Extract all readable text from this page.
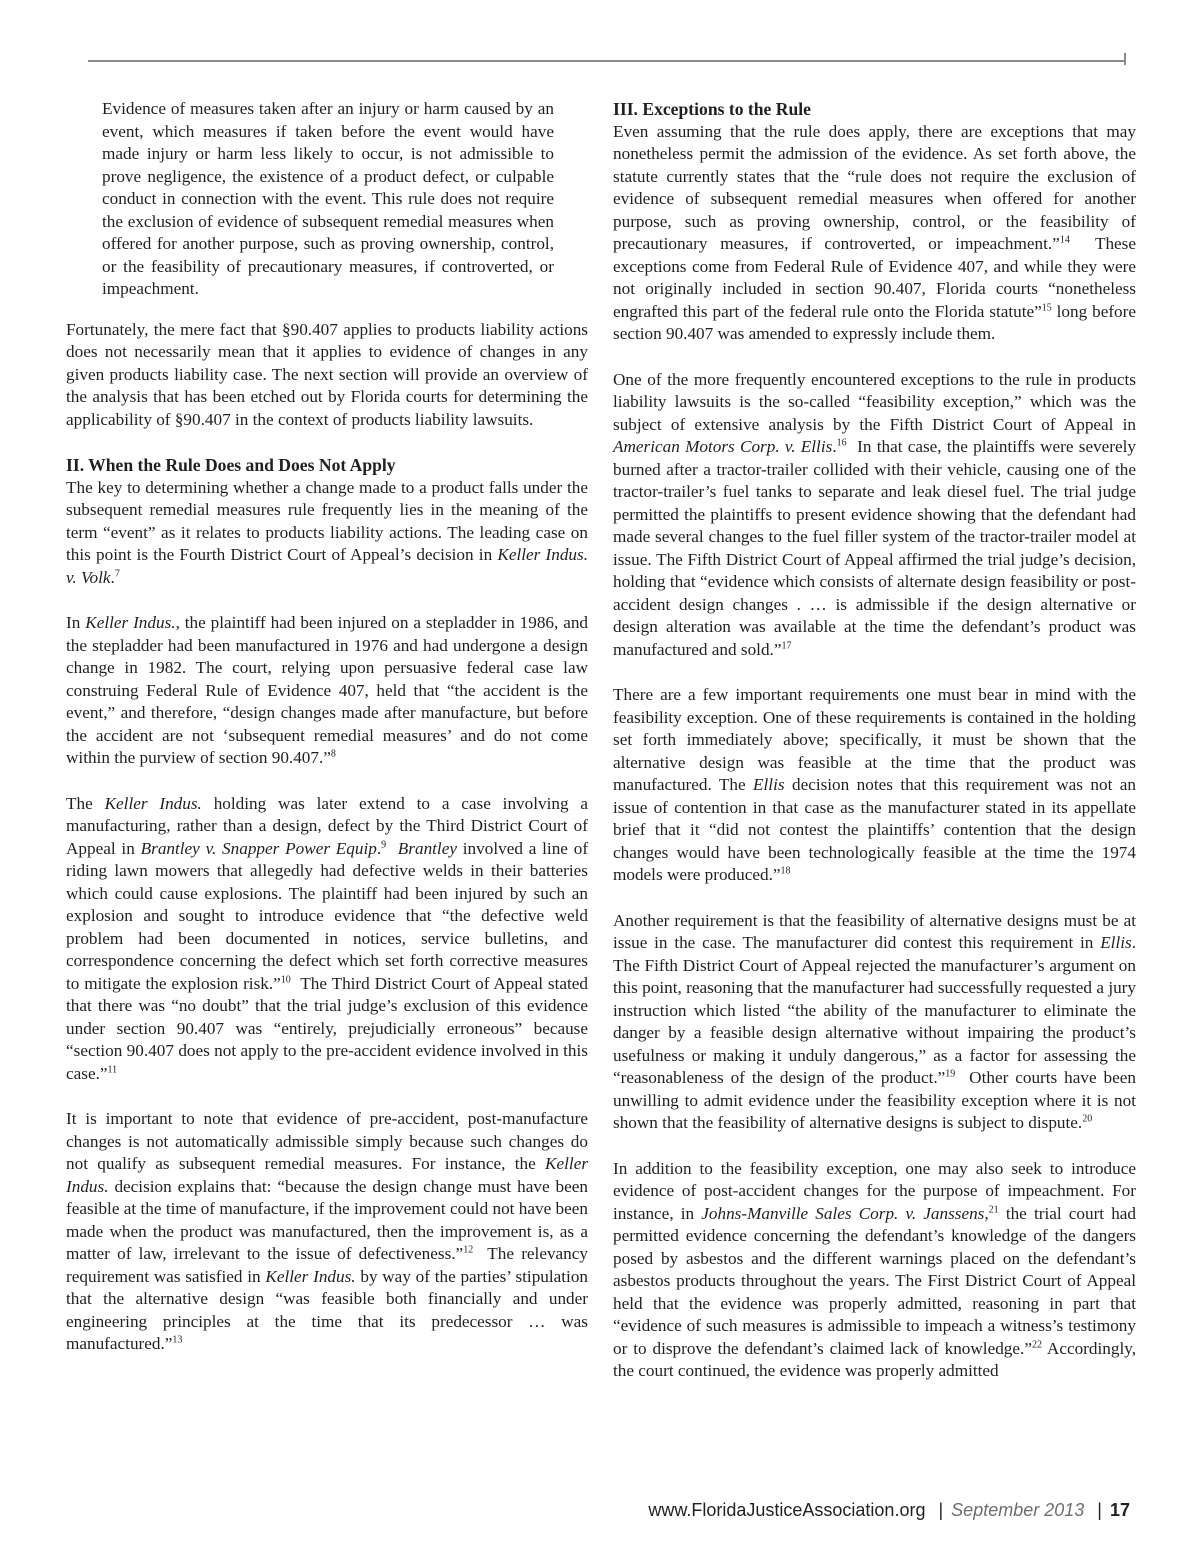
Evidence of measures taken after an injury or harm caused by an event, which measures if taken before the event would have made injury or harm less likely to occur, is not admissible to prove negligence, the existence of a product defect, or culpable conduct in connection with the event. This rule does not require the exclusion of evidence of subsequent remedial measures when offered for another purpose, such as proving ownership, control, or the feasibility of precautionary measures, if controverted, or impeachment.

Fortunately, the mere fact that §90.407 applies to products liability actions does not necessarily mean that it applies to evidence of changes in any given products liability case. The next section will provide an overview of the analysis that has been etched out by Florida courts for determining the applicability of §90.407 in the context of products liability lawsuits.

II. When the Rule Does and Does Not Apply

The key to determining whether a change made to a product falls under the subsequent remedial measures rule frequently lies in the meaning of the term “event” as it relates to products liability actions. The leading case on this point is the Fourth District Court of Appeal’s decision in Keller Indus. v. Volk.$^7$

In Keller Indus., the plaintiff had been injured on a stepladder in 1986, and the stepladder had been manufactured in 1976 and had undergone a design change in 1982. The court, relying upon persuasive federal case law construing Federal Rule of Evidence 407, held that “the accident is the event,” and therefore, “design changes made after manufacture, but before the accident are not ‘subsequent remedial measures’ and do not come within the purview of section 90.407.”$^8$

The Keller Indus. holding was later extend to a case involving a manufacturing, rather than a design, defect by the Third District Court of Appeal in Brantley v. Snapper Power Equip.$^9$ Brantley involved a line of riding lawn mowers that allegedly had defective welds in their batteries which could cause explosions. The plaintiff had been injured by such an explosion and sought to introduce evidence that “the defective weld problem had been documented in notices, service bulletins, and correspondence concerning the defect which set forth corrective measures to mitigate the explosion risk.”$^{10}$ The Third District Court of Appeal stated that there was “no doubt” that the trial judge’s exclusion of this evidence under section 90.407 was “entirely, prejudicially erroneous” because “section 90.407 does not apply to the pre-accident evidence involved in this case.”$^{11}$

It is important to note that evidence of pre-accident, post-manufacture changes is not automatically admissible simply because such changes do not qualify as subsequent remedial measures. For instance, the Keller Indus. decision explains that: “because the design change must have been feasible at the time of manufacture, if the improvement could not have been made when the product was manufactured, then the improvement is, as a matter of law, irrelevant to the issue of defectiveness.”$^{12}$ The relevancy requirement was satisfied in Keller Indus. by way of the parties’ stipulation that the alternative design “was feasible both financially and under engineering principles at the time that its predecessor … was manufactured.”$^{13}$

III. Exceptions to the Rule

Even assuming that the rule does apply, there are exceptions that may nonetheless permit the admission of the evidence. As set forth above, the statute currently states that the “rule does not require the exclusion of evidence of subsequent remedial measures when offered for another purpose, such as proving ownership, control, or the feasibility of precautionary measures, if controverted, or impeachment.”$^{14}$ These exceptions come from Federal Rule of Evidence 407, and while they were not originally included in section 90.407, Florida courts “nonetheless engrafted this part of the federal rule onto the Florida statute”$^{15}$ long before section 90.407 was amended to expressly include them.

One of the more frequently encountered exceptions to the rule in products liability lawsuits is the so-called “feasibility exception,” which was the subject of extensive analysis by the Fifth District Court of Appeal in American Motors Corp. v. Ellis.$^{16}$ In that case, the plaintiffs were severely burned after a tractor-trailer collided with their vehicle, causing one of the tractor-trailer’s fuel tanks to separate and leak diesel fuel. The trial judge permitted the plaintiffs to present evidence showing that the defendant had made several changes to the fuel filler system of the tractor-trailer model at issue. The Fifth District Court of Appeal affirmed the trial judge’s decision, holding that “evidence which consists of alternate design feasibility or post-accident design changes . … is admissible if the design alternative or design alteration was available at the time the defendant’s product was manufactured and sold.”$^{17}$

There are a few important requirements one must bear in mind with the feasibility exception. One of these requirements is contained in the holding set forth immediately above; specifically, it must be shown that the alternative design was feasible at the time that the product was manufactured. The Ellis decision notes that this requirement was not an issue of contention in that case as the manufacturer stated in its appellate brief that it “did not contest the plaintiffs’ contention that the design changes would have been technologically feasible at the time the 1974 models were produced.”$^{18}$

Another requirement is that the feasibility of alternative designs must be at issue in the case. The manufacturer did contest this requirement in Ellis. The Fifth District Court of Appeal rejected the manufacturer’s argument on this point, reasoning that the manufacturer had successfully requested a jury instruction which listed “the ability of the manufacturer to eliminate the danger by a feasible design alternative without impairing the product’s usefulness or making it unduly dangerous,” as a factor for assessing the “reasonableness of the design of the product.”$^{19}$ Other courts have been unwilling to admit evidence under the feasibility exception where it is not shown that the feasibility of alternative designs is subject to dispute.$^{20}$

In addition to the feasibility exception, one may also seek to introduce evidence of post-accident changes for the purpose of impeachment. For instance, in Johns-Manville Sales Corp. v. Janssens,$^{21}$ the trial court had permitted evidence concerning the defendant’s knowledge of the dangers posed by asbestos and the different warnings placed on the defendant’s asbestos products throughout the years. The First District Court of Appeal held that the evidence was properly admitted, reasoning in part that “evidence of such measures is admissible to impeach a witness’s testimony or to disprove the defendant’s claimed lack of knowledge.”$^{22}$ Accordingly, the court continued, the evidence was properly admitted

www.FloridaJusticeAssociation.org | September 2013 | 17
